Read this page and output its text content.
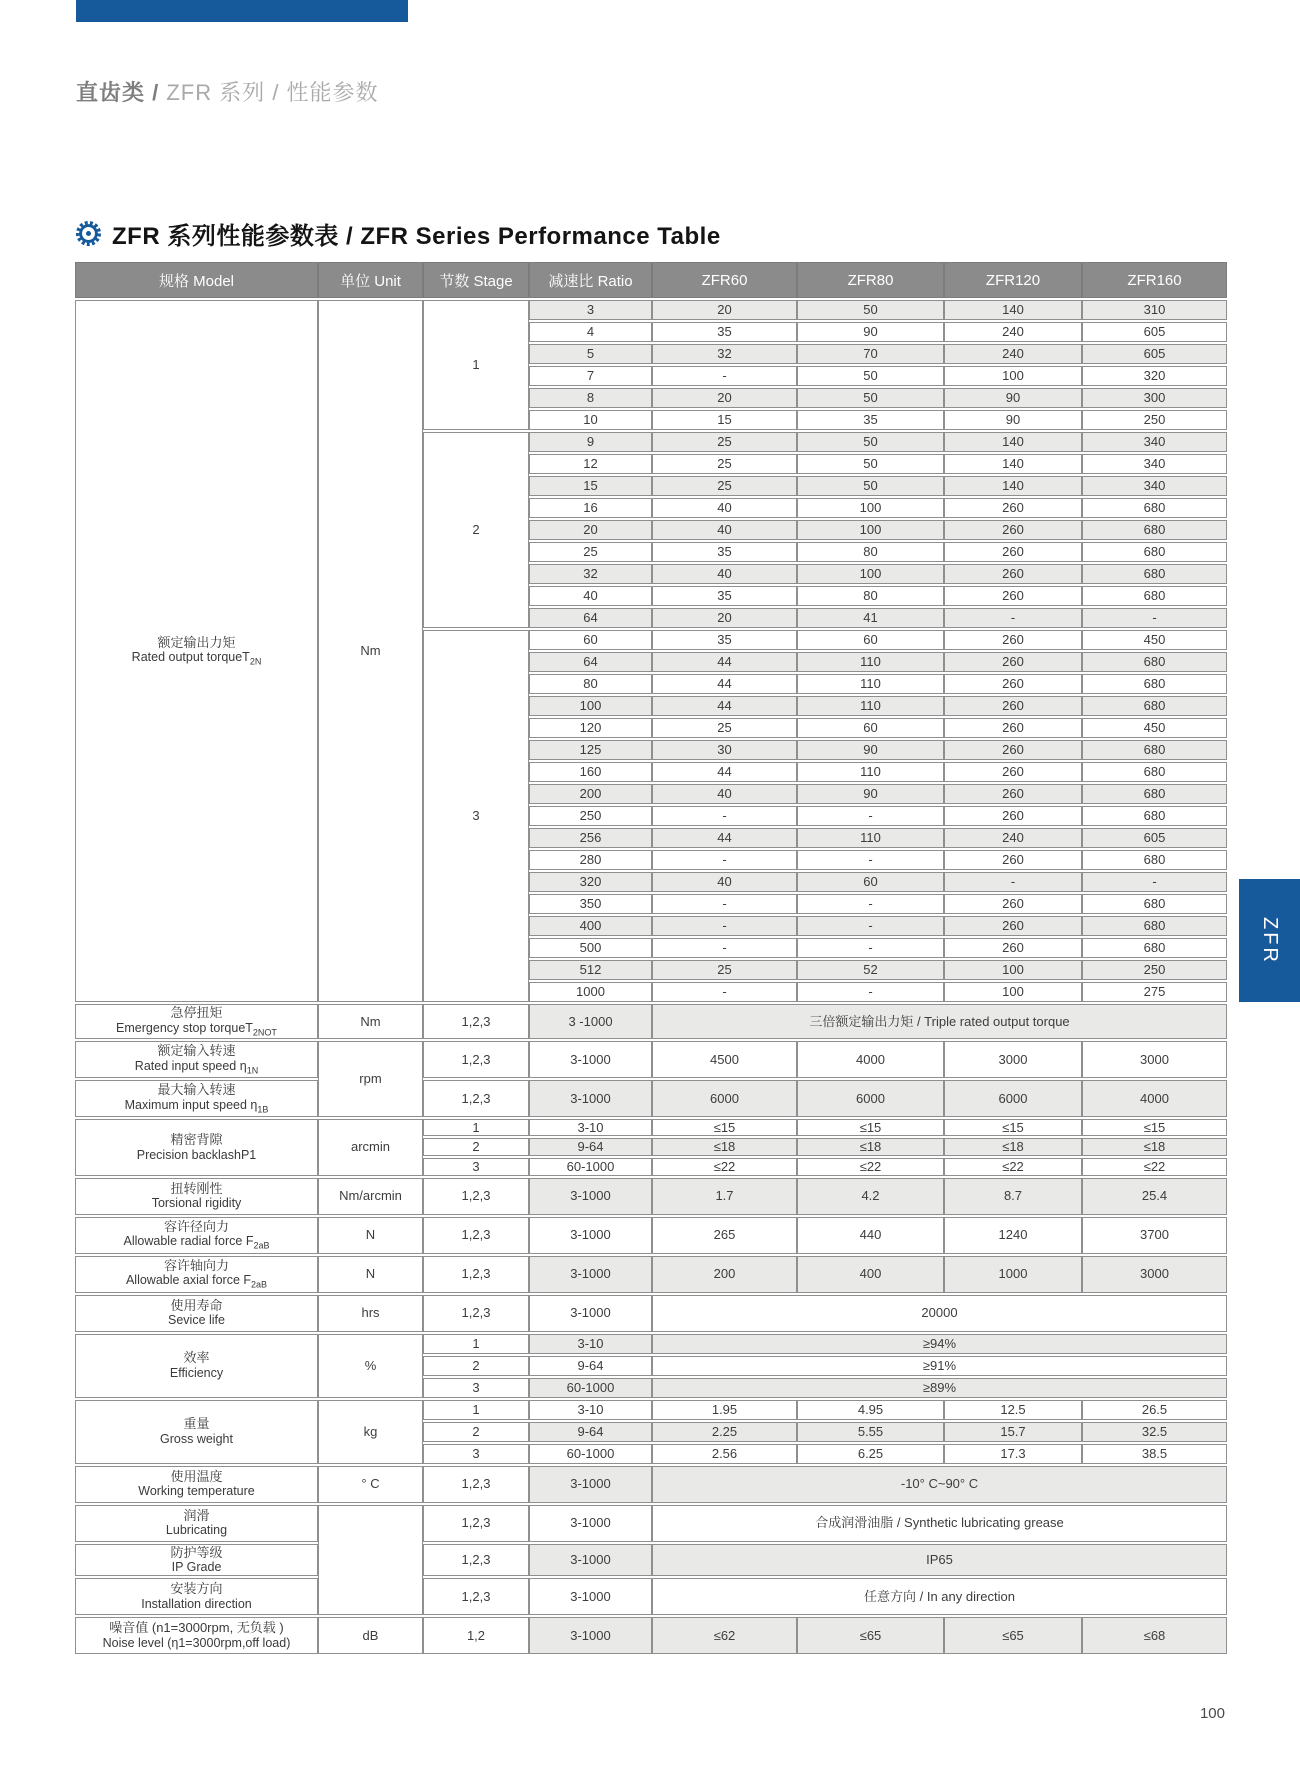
直齿类 / ZFR 系列 / 性能参数
ZFR 系列性能参数表 / ZFR Series Performance Table
规格 Model	单位 Unit	节数 Stage	减速比 Ratio	ZFR60	ZFR80	ZFR120	ZFR160

额定输出力矩
Rated output torqueT$_{2N}$	Nm	1	3	20	50	140	310
			4	35	90	240	605
			5	32	70	240	605
			7	-	50	100	320
			8	20	50	90	300
			10	15	35	90	250
		2	9	25	50	140	340
			12	25	50	140	340
			15	25	50	140	340
			16	40	100	260	680
			20	40	100	260	680
			25	35	80	260	680
			32	40	100	260	680
			40	35	80	260	680
			64	20	41	-	-
		3	60	35	60	260	450
			64	44	110	260	680
			80	44	110	260	680
			100	44	110	260	680
			120	25	60	260	450
			125	30	90	260	680
			160	44	110	260	680
			200	40	90	260	680
			250	-	-	260	680
			256	44	110	240	605
			280	-	-	260	680
			320	40	60	-	-
			350	-	-	260	680
			400	-	-	260	680
			500	-	-	260	680
			512	25	52	100	250
			1000	-	-	100	275

急停扭矩
Emergency stop torqueT$_{2NOT}$	Nm	1,2,3	3 -1000	三倍额定输出力矩 / Triple rated output torque			

额定输入转速
Rated input speed $\eta_{1N}$	rpm	1,2,3	3-1000	4500	4000	3000	3000

最大输入转速
Maximum input speed $\eta_{1B}$		1,2,3	3-1000	6000	6000	6000	4000

精密背隙
Precision backlashP1	arcmin	1	3-10	≤15	≤15	≤15	≤15
		2	9-64	≤18	≤18	≤18	≤18
		3	60-1000	≤22	≤22	≤22	≤22

扭转刚性
Torsional rigidity	Nm/arcmin	1,2,3	3-1000	1.7	4.2	8.7	25.4

容许径向力
Allowable radial force $F_{2aB}$	N	1,2,3	3-1000	265	440	1240	3700

容许轴向力
Allowable axial force $F_{2aB}$	N	1,2,3	3-1000	200	400	1000	3000

使用寿命
Sevice life	hrs	1,2,3	3-1000	20000			

效率
Efficiency	%	1	3-10	≥94%			
		2	9-64	≥91%			
		3	60-1000	≥89%			

重量
Gross weight	kg	1	3-10	1.95	4.95	12.5	26.5
		2	9-64	2.25	5.55	15.7	32.5
		3	60-1000	2.56	6.25	17.3	38.5

使用温度
Working temperature	° C	1,2,3	3-1000	-10° C~90° C			

润滑
Lubricating		1,2,3	3-1000	合成润滑油脂 / Synthetic lubricating grease			

防护等级
IP Grade		1,2,3	3-1000	IP65			

安装方向
Installation direction		1,2,3	3-1000	任意方向 / In any direction			

噪音值 (n1=3000rpm, 无负载 )
Noise level (η1=3000rpm,off load)	dB	1,2	3-1000	≤62	≤65	≤65	≤68
ZFR
100
